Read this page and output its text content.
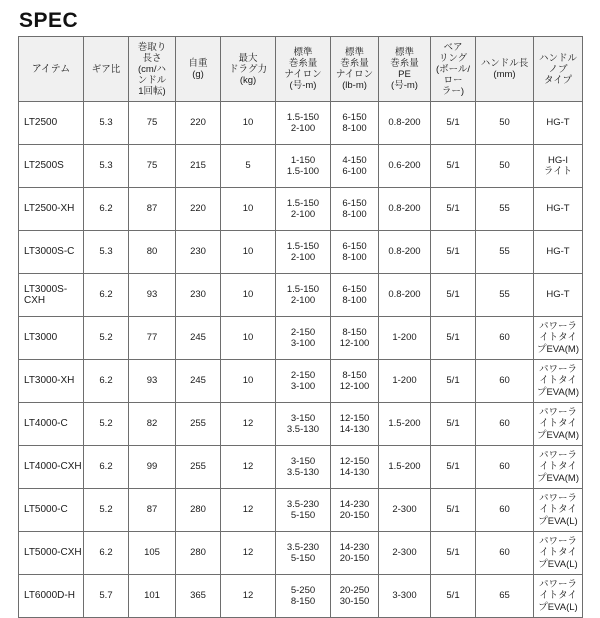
SPEC
アイテム	ギア比	巻取り
長さ
(cm/ハ
ンドル
1回転)	自重
(g)	最大
ドラグ力
(kg)	標準
巻糸量
ナイロン
(号-m)	標準
巻糸量
ナイロン
(lb-m)	標準
巻糸量
PE
(号-m)	ベア
リング
(ボール/
ロー
ラー)	ハンドル長
(mm)	ハンドル
ノブ
タイプ

LT2500	5.3	75	220	10	1.5-150
2-100	6-150
8-100	0.8-200	5/1	50	HG-T

LT2500S	5.3	75	215	5	1-150
1.5-100	4-150
6-100	0.6-200	5/1	50	HG-I
ライト

LT2500-XH	6.2	87	220	10	1.5-150
2-100	6-150
8-100	0.8-200	5/1	55	HG-T

LT3000S-C	5.3	80	230	10	1.5-150
2-100	6-150
8-100	0.8-200	5/1	55	HG-T

LT3000S-CXH	6.2	93	230	10	1.5-150
2-100	6-150
8-100	0.8-200	5/1	55	HG-T

LT3000	5.2	77	245	10	2-150
3-100	8-150
12-100	1-200	5/1	60	パワーラ
イトタイ
プEVA(M)

LT3000-XH	6.2	93	245	10	2-150
3-100	8-150
12-100	1-200	5/1	60	パワーラ
イトタイ
プEVA(M)

LT4000-C	5.2	82	255	12	3-150
3.5-130	12-150
14-130	1.5-200	5/1	60	パワーラ
イトタイ
プEVA(M)

LT4000-CXH	6.2	99	255	12	3-150
3.5-130	12-150
14-130	1.5-200	5/1	60	パワーラ
イトタイ
プEVA(M)

LT5000-C	5.2	87	280	12	3.5-230
5-150	14-230
20-150	2-300	5/1	60	パワーラ
イトタイ
プEVA(L)

LT5000-CXH	6.2	105	280	12	3.5-230
5-150	14-230
20-150	2-300	5/1	60	パワーラ
イトタイ
プEVA(L)

LT6000D-H	5.7	101	365	12	5-250
8-150	20-250
30-150	3-300	5/1	65	パワーラ
イトタイ
プEVA(L)
